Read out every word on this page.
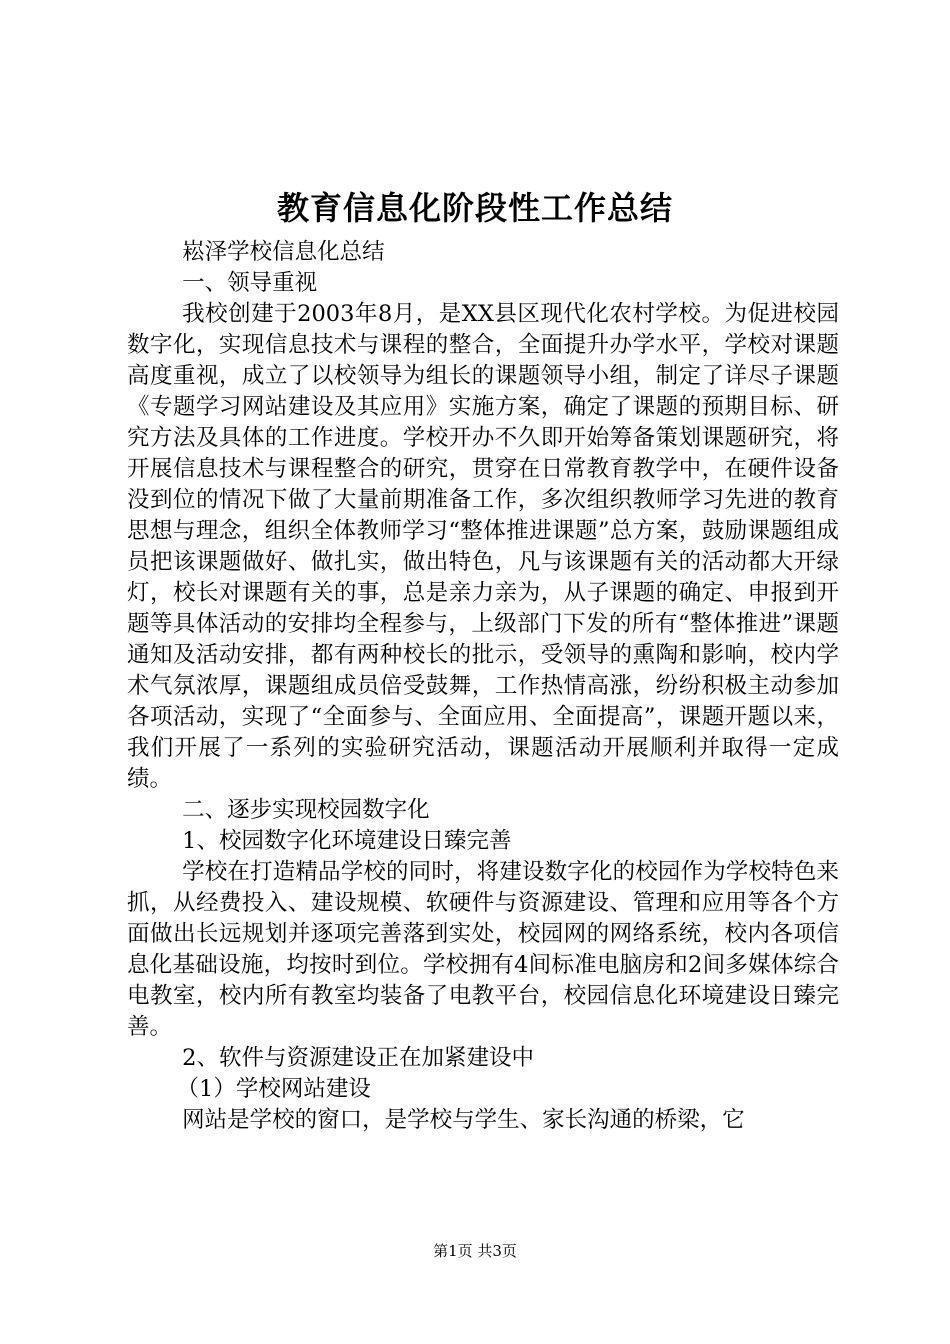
教育信息化阶段性工作总结

崧泽学校信息化总结

一、领导重视

我校创建于2003年8月，是XX县区现代化农村学校。为促进校园数字化，实现信息技术与课程的整合，全面提升办学水平，学校对课题高度重视，成立了以校领导为组长的课题领导小组，制定了详尽子课题《专题学习网站建设及其应用》实施方案，确定了课题的预期目标、研究方法及具体的工作进度。学校开办不久即开始筹备策划课题研究，将开展信息技术与课程整合的研究，贯穿在日常教育教学中，在硬件设备没到位的情况下做了大量前期准备工作，多次组织教师学习先进的教育思想与理念，组织全体教师学习“整体推进课题”总方案，鼓励课题组成员把该课题做好、做扎实，做出特色，凡与该课题有关的活动都大开绿灯，校长对课题有关的事，总是亲力亲为，从子课题的确定、申报到开题等具体活动的安排均全程参与，上级部门下发的所有“整体推进”课题通知及活动安排，都有两种校长的批示，受领导的熏陶和影响，校内学术气氛浓厚，课题组成员倍受鼓舞，工作热情高涨，纷纷积极主动参加各项活动，实现了“全面参与、全面应用、全面提高”，课题开题以来，我们开展了一系列的实验研究活动，课题活动开展顺利并取得一定成绩。

二、逐步实现校园数字化

1、校园数字化环境建设日臻完善

学校在打造精品学校的同时，将建设数字化的校园作为学校特色来抓，从经费投入、建设规模、软硬件与资源建设、管理和应用等各个方面做出长远规划并逐项完善落到实处，校园网的网络系统，校内各项信息化基础设施，均按时到位。学校拥有4间标准电脑房和2间多媒体综合电教室，校内所有教室均装备了电教平台，校园信息化环境建设日臻完善。

2、软件与资源建设正在加紧建设中

（1）学校网站建设

网站是学校的窗口，是学校与学生、家长沟通的桥梁，它

第1页 共3页
